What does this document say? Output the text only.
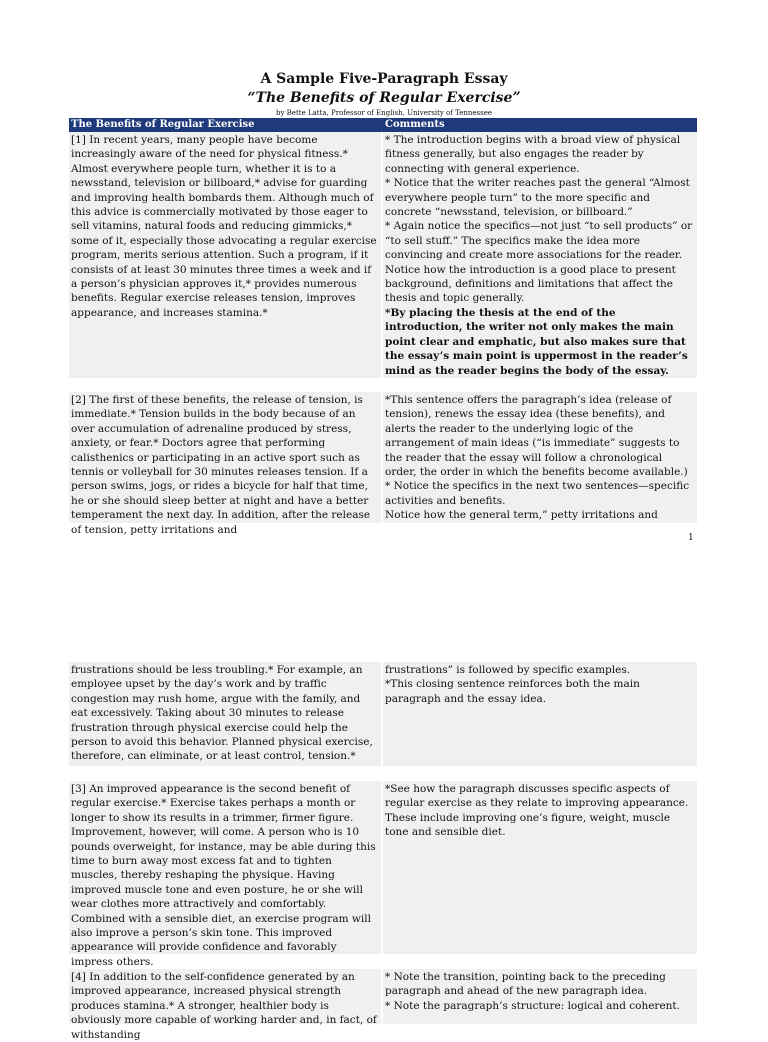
A Sample Five-Paragraph Essay
“The Benefits of Regular Exercise”
by Bette Latta, Professor of English, University of Tennessee
The Benefits of Regular Exercise	Comments

[1] In recent years, many people have become increasingly aware of the need for physical fitness.* Almost everywhere people turn, whether it is to a newsstand, television or billboard,* advise for guarding and improving health bombards them. Although much of this advice is commercially motivated by those eager to sell vitamins, natural foods and reducing gimmicks,* some of it, especially those advocating a regular exercise program, merits serious attention. Such a program, if it consists of at least 30 minutes three times a week and if a person’s physician approves it,* provides numerous benefits. Regular exercise releases tension, improves appearance, and increases stamina.*

* The introduction begins with a broad view of physical fitness generally, but also engages the reader by connecting with general experience.

* Notice that the writer reaches past the general “Almost everywhere people turn” to the more specific and concrete “newsstand, television, or billboard.”

* Again notice the specifics—not just “to sell products” or “to sell stuff.” The specifics make the idea more convincing and create more associations for the reader.

Notice how the introduction is a good place to present background, definitions and limitations that affect the thesis and topic generally.

*By placing the thesis at the end of the introduction, the writer not only makes the main point clear and emphatic, but also makes sure that the essay’s main point is uppermost in the reader’s mind as the reader begins the body of the essay.

[2] The first of these benefits, the release of tension, is immediate.* Tension builds in the body because of an over accumulation of adrenaline produced by stress, anxiety, or fear.* Doctors agree that performing calisthenics or participating in an active sport such as tennis or volleyball for 30 minutes releases tension. If a person swims, jogs, or rides a bicycle for half that time, he or she should sleep better at night and have a better temperament the next day. In addition, after the release of tension, petty irritations and

*This sentence offers the paragraph’s idea (release of tension), renews the essay idea (these benefits), and alerts the reader to the underlying logic of the arrangement of main ideas (“is immediate” suggests to the reader that the essay will follow a chronological order, the order in which the benefits become available.)

* Notice the specifics in the next two sentences—specific activities and benefits.

Notice how the general term,” petty irritations and

1

frustrations should be less troubling.* For example, an employee upset by the day’s work and by traffic congestion may rush home, argue with the family, and eat excessively. Taking about 30 minutes to release frustration through physical exercise could help the person to avoid this behavior. Planned physical exercise, therefore, can eliminate, or at least control, tension.*

frustrations” is followed by specific examples.

*This closing sentence reinforces both the main paragraph and the essay idea.

[3] An improved appearance is the second benefit of regular exercise.* Exercise takes perhaps a month or longer to show its results in a trimmer, firmer figure. Improvement, however, will come. A person who is 10 pounds overweight, for instance, may be able during this time to burn away most excess fat and to tighten muscles, thereby reshaping the physique. Having improved muscle tone and even posture, he or she will wear clothes more attractively and comfortably. Combined with a sensible diet, an exercise program will also improve a person’s skin tone. This improved appearance will provide confidence and favorably impress others.

*See how the paragraph discusses specific aspects of regular exercise as they relate to improving appearance. These include improving one’s figure, weight, muscle tone and sensible diet.

[4] In addition to the self-confidence generated by an improved appearance, increased physical strength produces stamina.* A stronger, healthier body is obviously more capable of working harder and, in fact, of withstanding

* Note the transition, pointing back to the preceding paragraph and ahead of the new paragraph idea.

* Note the paragraph’s structure: logical and coherent.
